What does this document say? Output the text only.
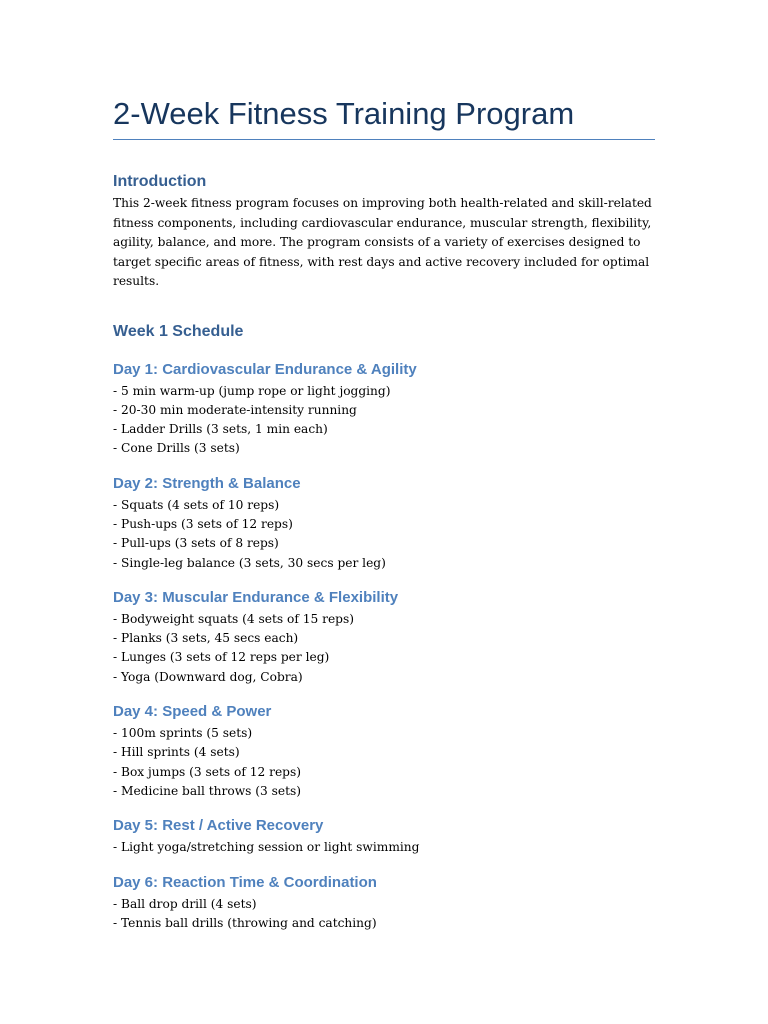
2-Week Fitness Training Program
Introduction

This 2-week fitness program focuses on improving both health-related and skill-related fitness components, including cardiovascular endurance, muscular strength, flexibility, agility, balance, and more. The program consists of a variety of exercises designed to target specific areas of fitness, with rest days and active recovery included for optimal results.

Week 1 Schedule
Day 1: Cardiovascular Endurance & Agility
- 5 min warm-up (jump rope or light jogging)
- 20-30 min moderate-intensity running
- Ladder Drills (3 sets, 1 min each)
- Cone Drills (3 sets)
Day 2: Strength & Balance
- Squats (4 sets of 10 reps)
- Push-ups (3 sets of 12 reps)
- Pull-ups (3 sets of 8 reps)
- Single-leg balance (3 sets, 30 secs per leg)
Day 3: Muscular Endurance & Flexibility
- Bodyweight squats (4 sets of 15 reps)
- Planks (3 sets, 45 secs each)
- Lunges (3 sets of 12 reps per leg)
- Yoga (Downward dog, Cobra)
Day 4: Speed & Power
- 100m sprints (5 sets)
- Hill sprints (4 sets)
- Box jumps (3 sets of 12 reps)
- Medicine ball throws (3 sets)
Day 5: Rest / Active Recovery
- Light yoga/stretching session or light swimming
Day 6: Reaction Time & Coordination
- Ball drop drill (4 sets)
- Tennis ball drills (throwing and catching)
